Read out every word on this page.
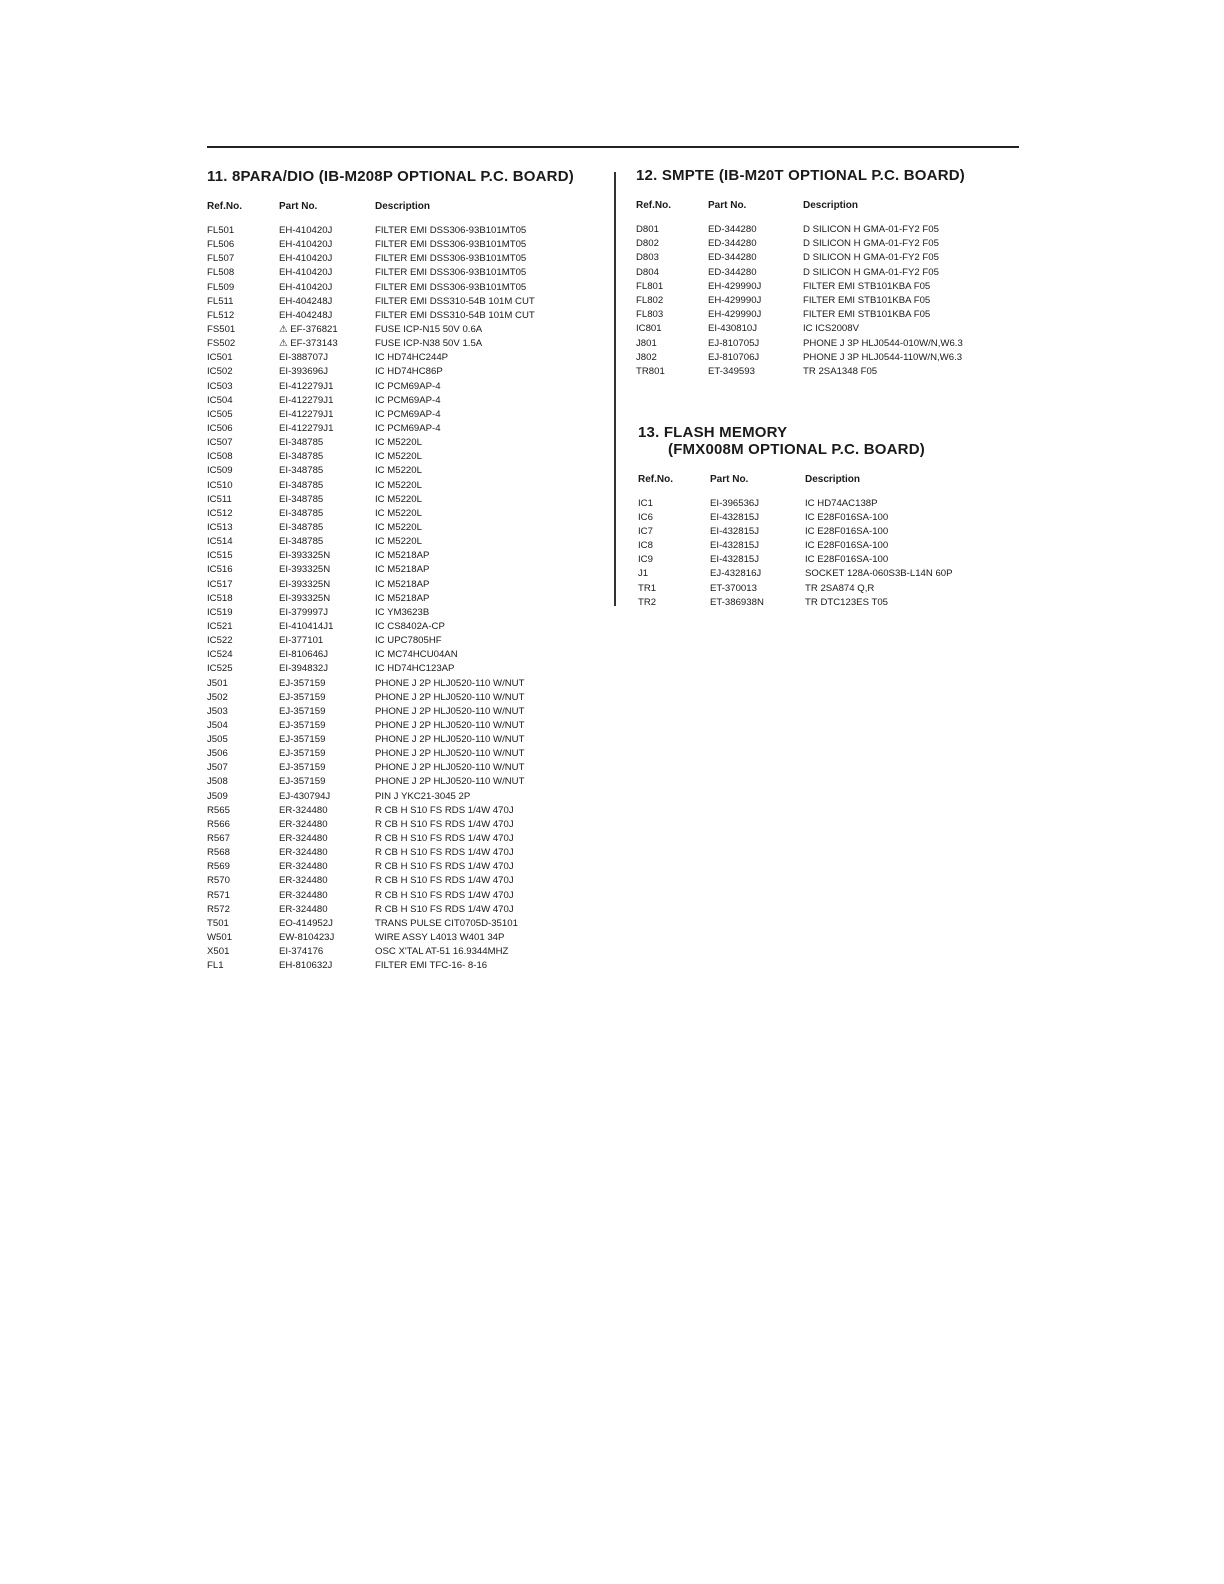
11. 8PARA/DIO (IB-M208P OPTIONAL P.C. BOARD)
Ref.No.	Part No.	Description
FL501	EH-410420J	FILTER EMI DSS306-93B101MT05
FL506	EH-410420J	FILTER EMI DSS306-93B101MT05
FL507	EH-410420J	FILTER EMI DSS306-93B101MT05
FL508	EH-410420J	FILTER EMI DSS306-93B101MT05
FL509	EH-410420J	FILTER EMI DSS306-93B101MT05
FL511	EH-404248J	FILTER EMI DSS310-54B 101M CUT
FL512	EH-404248J	FILTER EMI DSS310-54B 101M CUT
FS501	⚠ EF-376821	FUSE ICP-N15 50V 0.6A
FS502	⚠ EF-373143	FUSE ICP-N38 50V 1.5A
IC501	EI-388707J	IC HD74HC244P
IC502	EI-393696J	IC HD74HC86P
IC503	EI-412279J1	IC PCM69AP-4
IC504	EI-412279J1	IC PCM69AP-4
IC505	EI-412279J1	IC PCM69AP-4
IC506	EI-412279J1	IC PCM69AP-4
IC507	EI-348785	IC M5220L
IC508	EI-348785	IC M5220L
IC509	EI-348785	IC M5220L
IC510	EI-348785	IC M5220L
IC511	EI-348785	IC M5220L
IC512	EI-348785	IC M5220L
IC513	EI-348785	IC M5220L
IC514	EI-348785	IC M5220L
IC515	EI-393325N	IC M5218AP
IC516	EI-393325N	IC M5218AP
IC517	EI-393325N	IC M5218AP
IC518	EI-393325N	IC M5218AP
IC519	EI-379997J	IC YM3623B
IC521	EI-410414J1	IC CS8402A-CP
IC522	EI-377101	IC UPC7805HF
IC524	EI-810646J	IC MC74HCU04AN
IC525	EI-394832J	IC HD74HC123AP
J501	EJ-357159	PHONE J 2P HLJ0520-110 W/NUT
J502	EJ-357159	PHONE J 2P HLJ0520-110 W/NUT
J503	EJ-357159	PHONE J 2P HLJ0520-110 W/NUT
J504	EJ-357159	PHONE J 2P HLJ0520-110 W/NUT
J505	EJ-357159	PHONE J 2P HLJ0520-110 W/NUT
J506	EJ-357159	PHONE J 2P HLJ0520-110 W/NUT
J507	EJ-357159	PHONE J 2P HLJ0520-110 W/NUT
J508	EJ-357159	PHONE J 2P HLJ0520-110 W/NUT
J509	EJ-430794J	PIN J YKC21-3045 2P
R565	ER-324480	R CB H S10 FS RDS 1/4W 470J
R566	ER-324480	R CB H S10 FS RDS 1/4W 470J
R567	ER-324480	R CB H S10 FS RDS 1/4W 470J
R568	ER-324480	R CB H S10 FS RDS 1/4W 470J
R569	ER-324480	R CB H S10 FS RDS 1/4W 470J
R570	ER-324480	R CB H S10 FS RDS 1/4W 470J
R571	ER-324480	R CB H S10 FS RDS 1/4W 470J
R572	ER-324480	R CB H S10 FS RDS 1/4W 470J
T501	EO-414952J	TRANS PULSE CIT0705D-35101
W501	EW-810423J	WIRE ASSY L4013 W401 34P
X501	EI-374176	OSC X'TAL AT-51 16.9344MHZ
FL1	EH-810632J	FILTER EMI TFC-16- 8-16
12. SMPTE (IB-M20T OPTIONAL P.C. BOARD)
Ref.No.	Part No.	Description
D801	ED-344280	D SILICON H GMA-01-FY2 F05
D802	ED-344280	D SILICON H GMA-01-FY2 F05
D803	ED-344280	D SILICON H GMA-01-FY2 F05
D804	ED-344280	D SILICON H GMA-01-FY2 F05
FL801	EH-429990J	FILTER EMI STB101KBA F05
FL802	EH-429990J	FILTER EMI STB101KBA F05
FL803	EH-429990J	FILTER EMI STB101KBA F05
IC801	EI-430810J	IC ICS2008V
J801	EJ-810705J	PHONE J 3P HLJ0544-010W/N,W6.3
J802	EJ-810706J	PHONE J 3P HLJ0544-110W/N,W6.3
TR801	ET-349593	TR 2SA1348 F05
13. FLASH MEMORY
(FMX008M OPTIONAL P.C. BOARD)
Ref.No.	Part No.	Description
IC1	EI-396536J	IC HD74AC138P
IC6	EI-432815J	IC E28F016SA-100
IC7	EI-432815J	IC E28F016SA-100
IC8	EI-432815J	IC E28F016SA-100
IC9	EI-432815J	IC E28F016SA-100
J1	EJ-432816J	SOCKET 128A-060S3B-L14N 60P
TR1	ET-370013	TR 2SA874 Q,R
TR2	ET-386938N	TR DTC123ES T05
